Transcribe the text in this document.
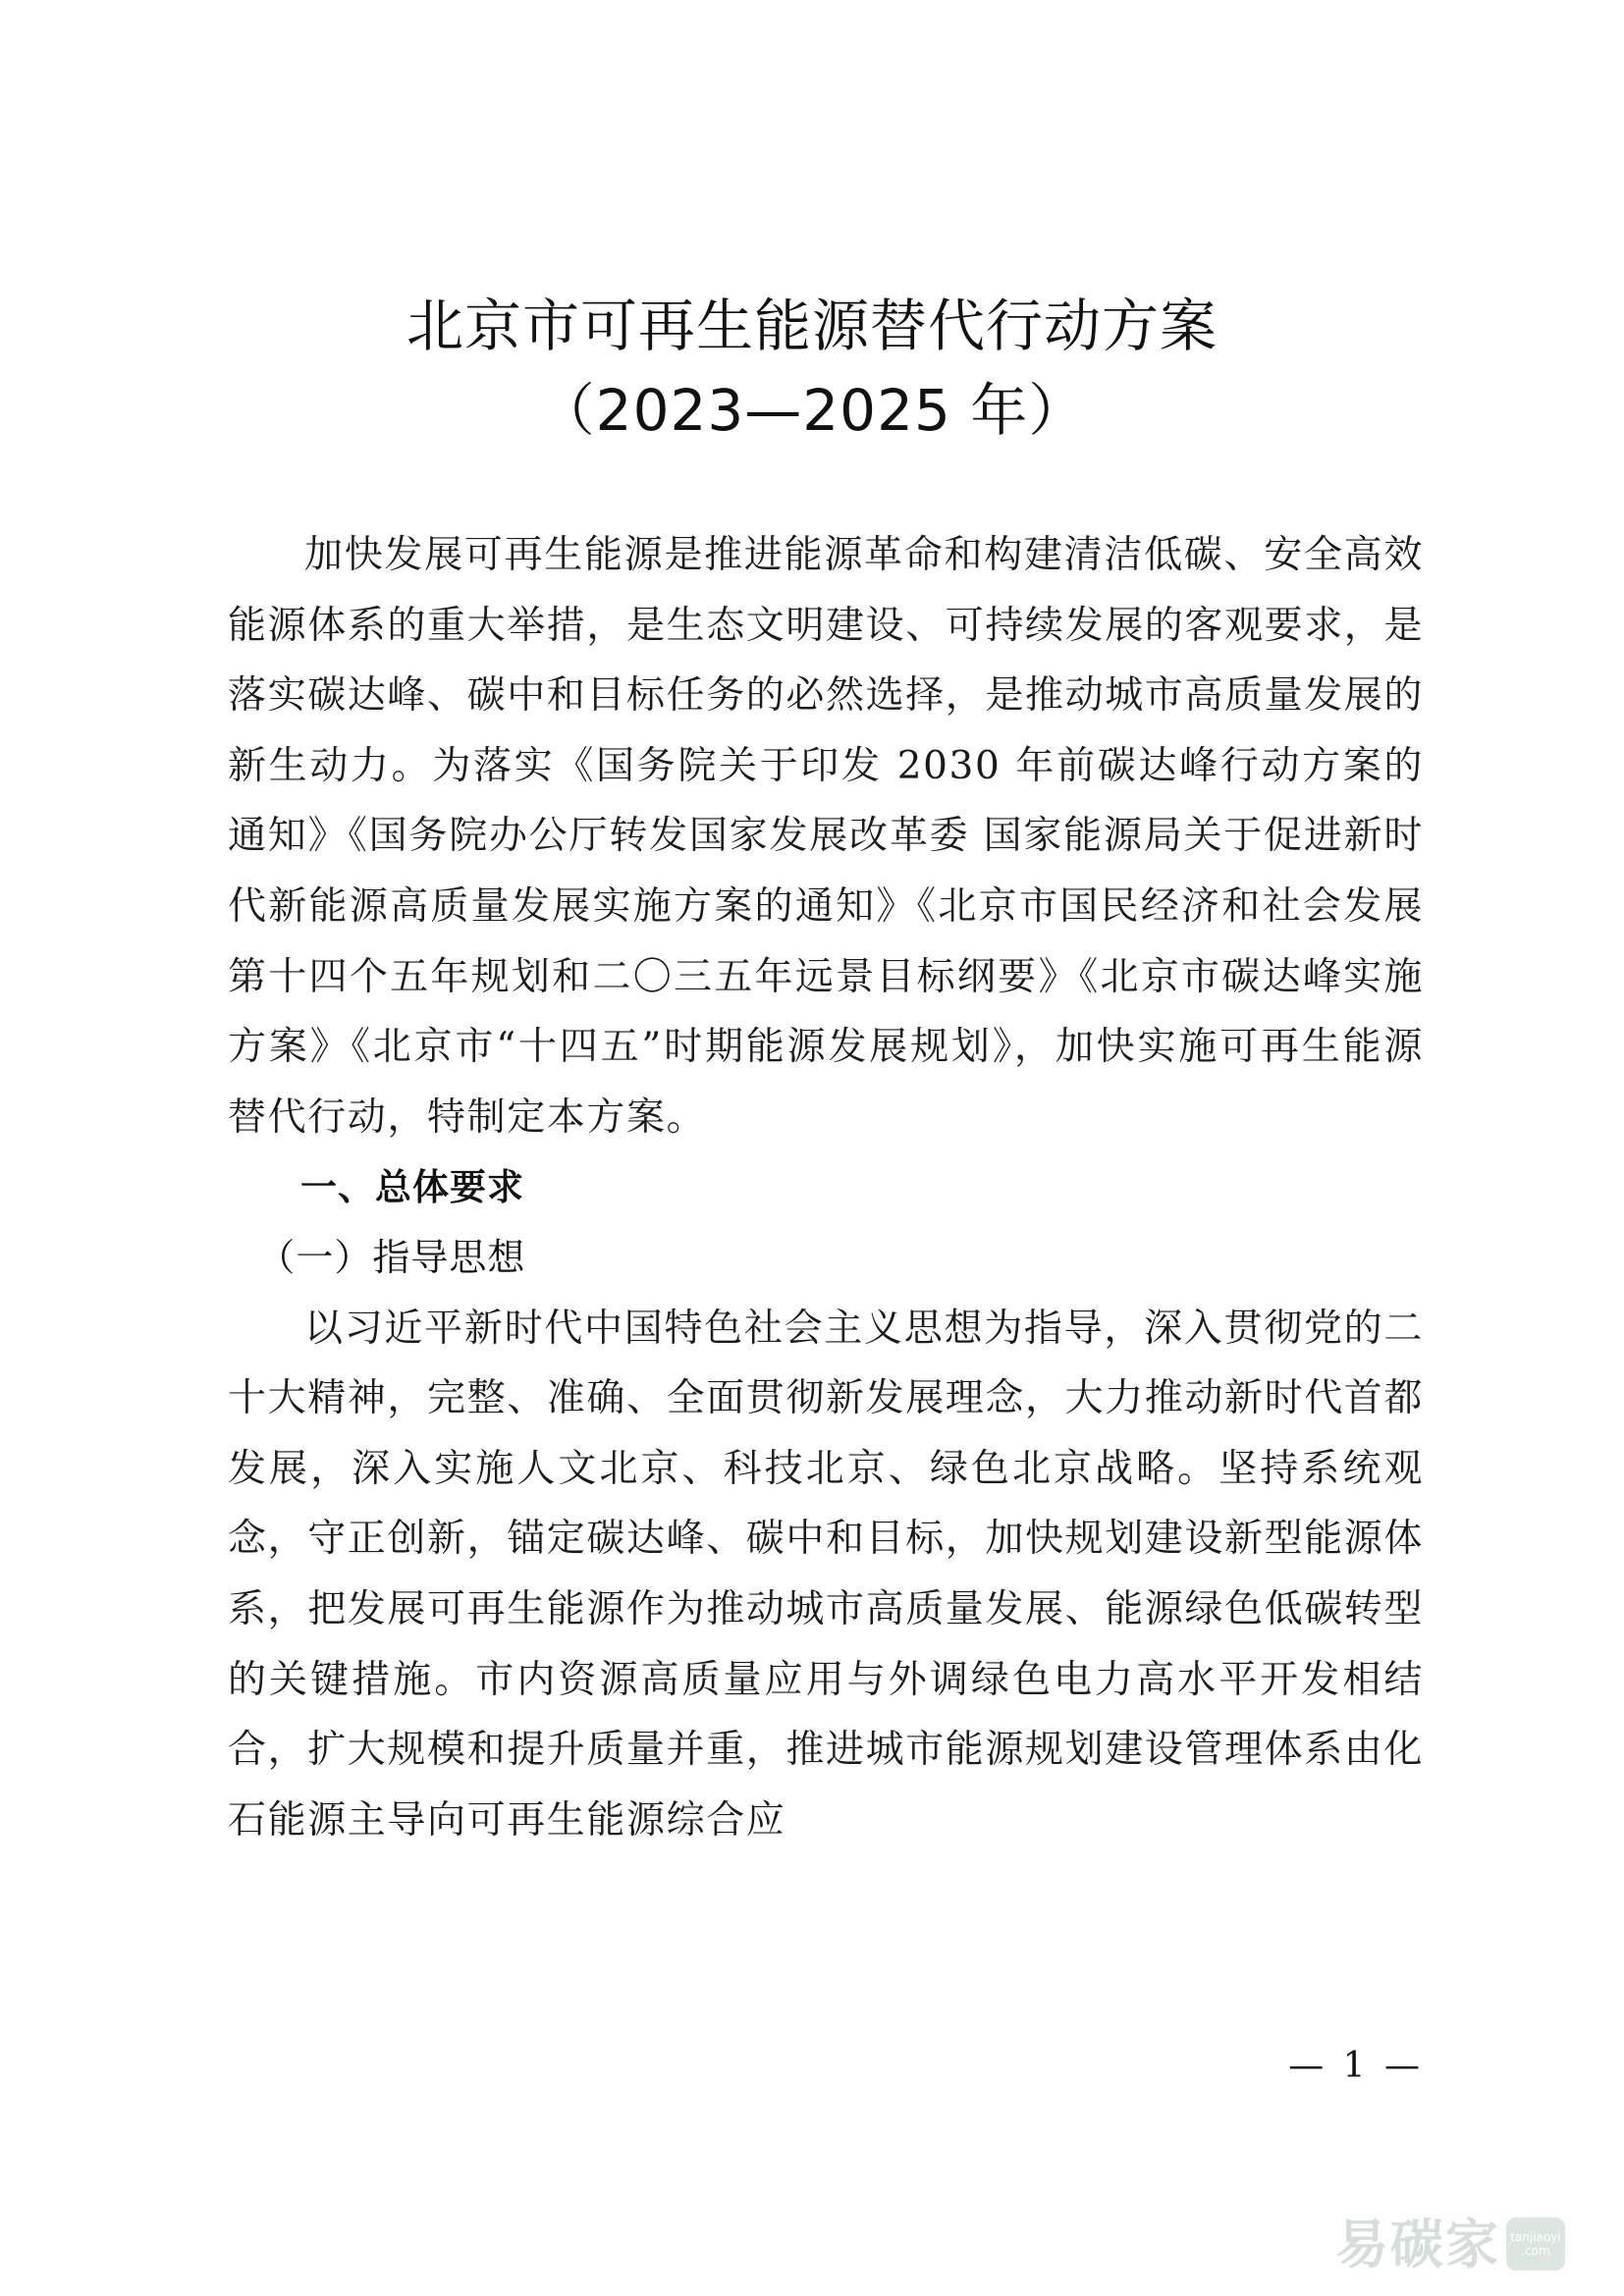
北京市可再生能源替代行动方案
（2023—2025 年）

加快发展可再生能源是推进能源革命和构建清洁低碳、安全高效能源体系的重大举措，是生态文明建设、可持续发展的客观要求，是落实碳达峰、碳中和目标任务的必然选择，是推动城市高质量发展的新生动力。为落实《国务院关于印发 2030 年前碳达峰行动方案的通知》《国务院办公厅转发国家发展改革委 国家能源局关于促进新时代新能源高质量发展实施方案的通知》《北京市国民经济和社会发展第十四个五年规划和二〇三五年远景目标纲要》《北京市碳达峰实施方案》《北京市“十四五”时期能源发展规划》，加快实施可再生能源替代行动，特制定本方案。

一、总体要求

（一）指导思想

以习近平新时代中国特色社会主义思想为指导，深入贯彻党的二十大精神，完整、准确、全面贯彻新发展理念，大力推动新时代首都发展，深入实施人文北京、科技北京、绿色北京战略。坚持系统观念，守正创新，锚定碳达峰、碳中和目标，加快规划建设新型能源体系，把发展可再生能源作为推动城市高质量发展、能源绿色低碳转型的关键措施。市内资源高质量应用与外调绿色电力高水平开发相结合，扩大规模和提升质量并重，推进城市能源规划建设管理体系由化石能源主导向可再生能源综合应

— 1 —
易碳家 tanjiaoyi
.com
